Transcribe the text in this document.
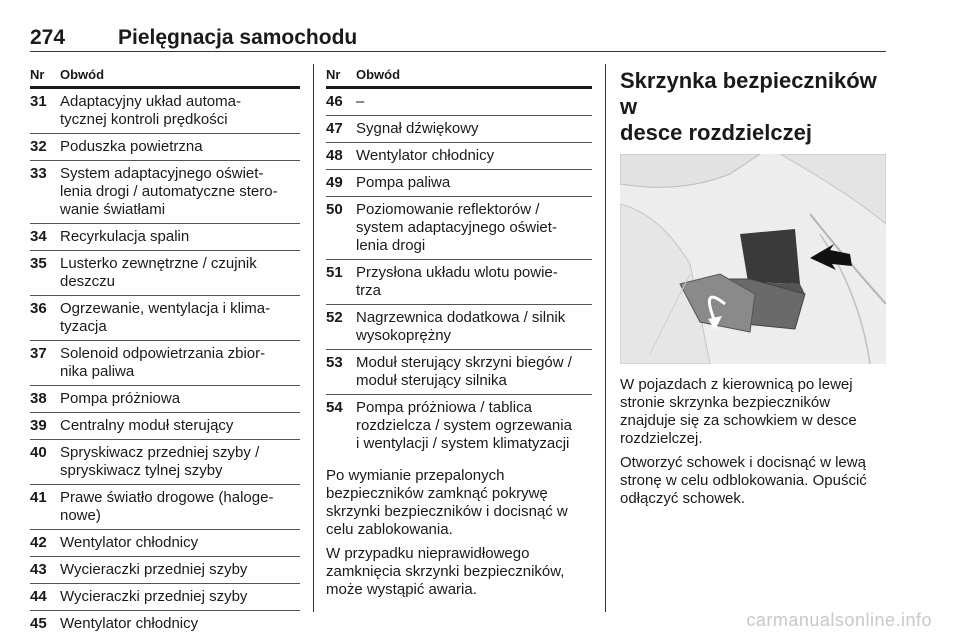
274	Pielęgnacja samochodu
Nr	Obwód
31 Adaptacyjny układ automa-
tycznej kontroli prędkości
32 Poduszka powietrzna
33 System adaptacyjnego oświet-
lenia drogi / automatyczne stero-
wanie światłami
34 Recyrkulacja spalin
35 Lusterko zewnętrzne / czujnik
deszczu
36 Ogrzewanie, wentylacja i klima-
tyzacja
37 Solenoid odpowietrzania zbior-
nika paliwa
38 Pompa próżniowa
39 Centralny moduł sterujący
40 Spryskiwacz przedniej szyby /
spryskiwacz tylnej szyby
41 Prawe światło drogowe (haloge-
nowe)
42 Wentylator chłodnicy
43 Wycieraczki przedniej szyby
44 Wycieraczki przedniej szyby
45 Wentylator chłodnicy
Nr	Obwód
46 –
47 Sygnał dźwiękowy
48 Wentylator chłodnicy
49 Pompa paliwa
50 Poziomowanie reflektorów /
system adaptacyjnego oświet-
lenia drogi
51 Przysłona układu wlotu powie-
trza
52 Nagrzewnica dodatkowa / silnik
wysokoprężny
53 Moduł sterujący skrzyni biegów /
moduł sterujący silnika
54 Pompa próżniowa / tablica
rozdzielcza / system ogrzewania
i wentylacji / system klimatyzacji
Po wymianie przepalonych
bezpieczników zamknąć pokrywę
skrzynki bezpieczników i docisnąć w
celu zablokowania.
W przypadku nieprawidłowego
zamknięcia skrzynki bezpieczników,
może wystąpić awaria.
Skrzynka bezpieczników w
desce rozdzielczej
W pojazdach z kierownicą po lewej
stronie skrzynka bezpieczników
znajduje się za schowkiem w desce
rozdzielczej.
Otworzyć schowek i docisnąć w lewą
stronę w celu odblokowania. Opuścić
odłączyć schowek.
carmanualsonline.info
